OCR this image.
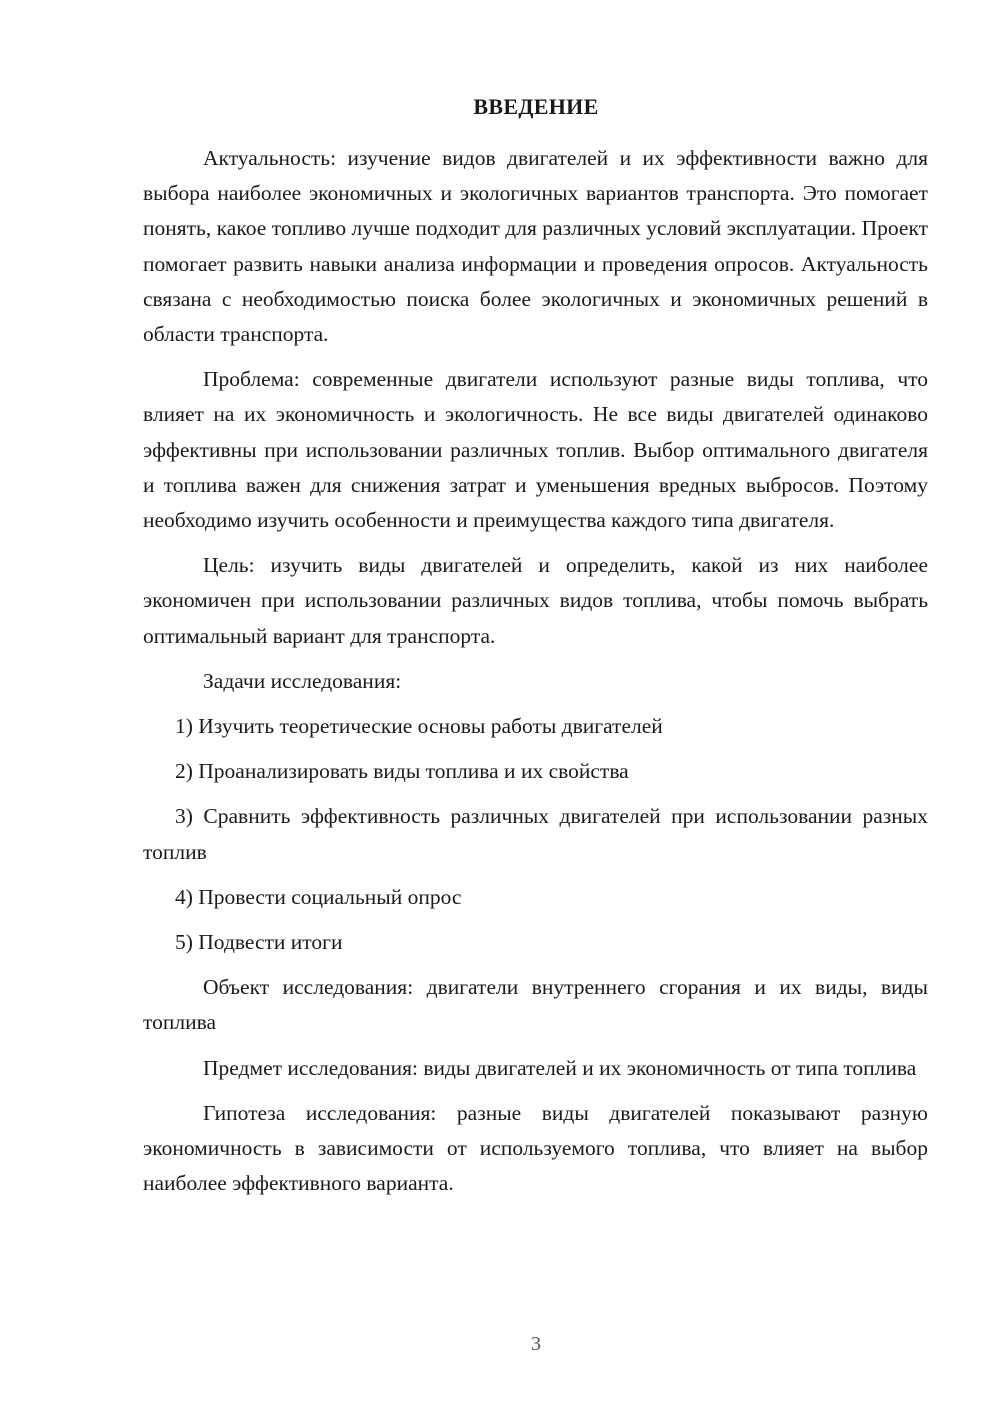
ВВЕДЕНИЕ

Актуальность: изучение видов двигателей и их эффективности важно для выбора наиболее экономичных и экологичных вариантов транспорта. Это помогает понять, какое топливо лучше подходит для различных условий эксплуатации. Проект помогает развить навыки анализа информации и проведения опросов. Актуальность связана с необходимостью поиска более экологичных и экономичных решений в области транспорта.

Проблема: современные двигатели используют разные виды топлива, что влияет на их экономичность и экологичность. Не все виды двигателей одинаково эффективны при использовании различных топлив. Выбор оптимального двигателя и топлива важен для снижения затрат и уменьшения вредных выбросов. Поэтому необходимо изучить особенности и преимущества каждого типа двигателя.

Цель: изучить виды двигателей и определить, какой из них наиболее экономичен при использовании различных видов топлива, чтобы помочь выбрать оптимальный вариант для транспорта.

Задачи исследования:

1) Изучить теоретические основы работы двигателей

2) Проанализировать виды топлива и их свойства

3) Сравнить эффективность различных двигателей при использовании разных топлив

4) Провести социальный опрос

5) Подвести итоги

Объект исследования: двигатели внутреннего сгорания и их виды, виды топлива

Предмет исследования: виды двигателей и их экономичность от типа топлива

Гипотеза исследования: разные виды двигателей показывают разную экономичность в зависимости от используемого топлива, что влияет на выбор наиболее эффективного варианта.

3
